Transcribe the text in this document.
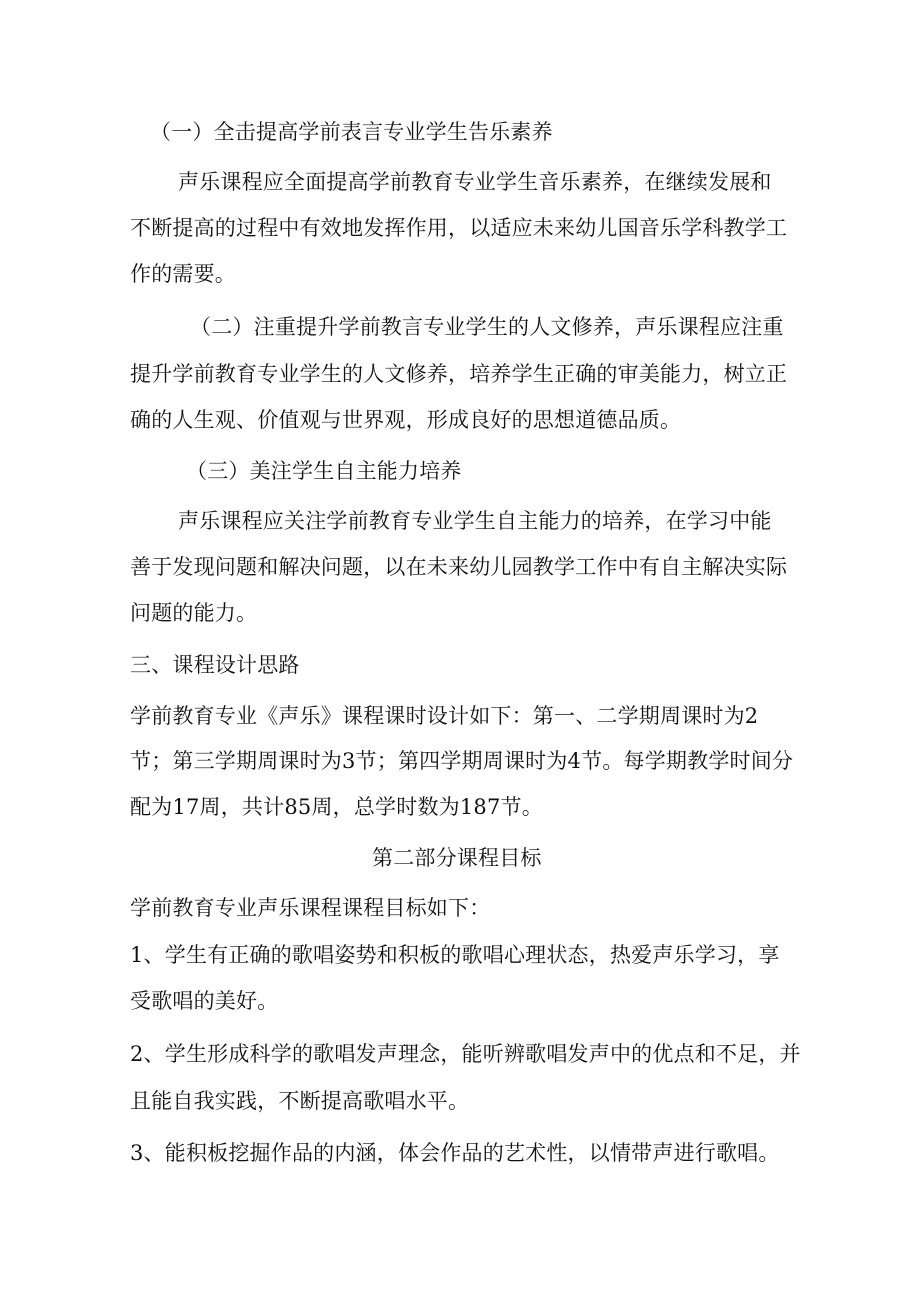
（一）全击提高学前表言专业学生告乐素养
声乐课程应全面提高学前教育专业学生音乐素养，在继续发展和
不断提高的过程中有效地发挥作用，以适应未来幼儿国音乐学科教学工
作的需要。
（二）注重提升学前教言专业学生的人文修养，声乐课程应注重
提升学前教育专业学生的人文修养，培养学生正确的审美能力，树立正
确的人生观、价值观与世界观，形成良好的思想道德品质。
（三）美注学生自主能力培养
声乐课程应关注学前教育专业学生自主能力的培养，在学习中能
善于发现问题和解决问题，以在未来幼儿园教学工作中有自主解决实际
问题的能力。
三、课程设计思路
学前教育专业《声乐》课程课时设计如下：第一、二学期周课时为2
节；第三学期周课时为3节；第四学期周课时为4节。每学期教学时间分
配为17周，共计85周，总学时数为187节。
第二部分课程目标
学前教育专业声乐课程课程目标如下：
1、学生有正确的歌唱姿势和积板的歌唱心理状态，热爱声乐学习，享
受歌唱的美好。
2、学生形成科学的歌唱发声理念，能听辨歌唱发声中的优点和不足，并
且能自我实践，不断提高歌唱水平。
3、能积板挖掘作品的内涵，体会作品的艺术性，以情带声进行歌唱。
